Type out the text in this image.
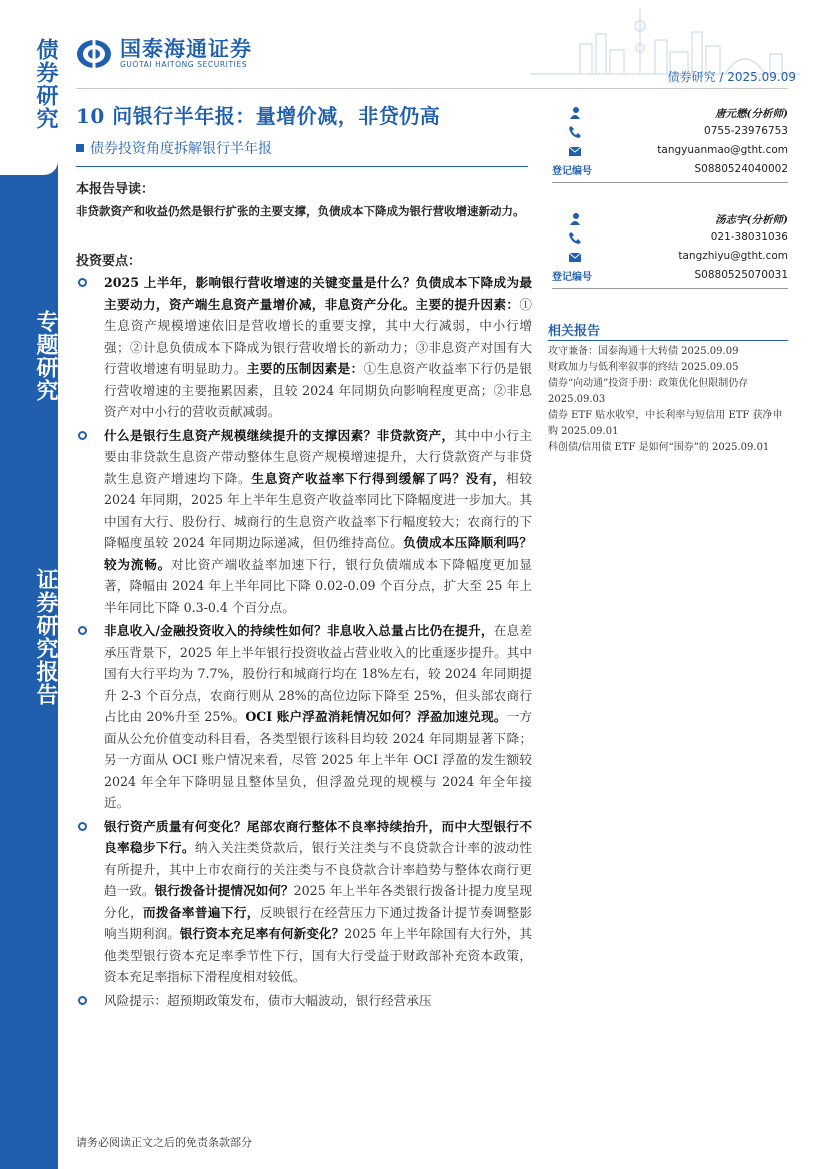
债券研究
专题研究
证券研究报告
国泰海通证券
GUOTAI HAITONG SECURITIES
债券研究 / 2025.09.09
10 问银行半年报：量增价减，非贷仍高
债券投资角度拆解银行半年报
本报告导读：
非贷款资产和收益仍然是银行扩张的主要支撑，负债成本下降成为银行营收增速新动力。
投资要点：
2025 上半年，影响银行营收增速的关键变量是什么？负债成本下降成为最主要动力，资产端生息资产量增价减，非息资产分化。主要的提升因素：①生息资产规模增速依旧是营收增长的重要支撑，其中大行减弱，中小行增强；②计息负债成本下降成为银行营收增长的新动力；③非息资产对国有大行营收增速有明显助力。主要的压制因素是：①生息资产收益率下行仍是银行营收增速的主要拖累因素，且较 2024 年同期负向影响程度更高；②非息资产对中小行的营收贡献减弱。
什么是银行生息资产规模继续提升的支撑因素？非贷款资产，其中中小行主要由非贷款生息资产带动整体生息资产规模增速提升，大行贷款资产与非贷款生息资产增速均下降。生息资产收益率下行得到缓解了吗？没有，相较 2024 年同期，2025 年上半年生息资产收益率同比下降幅度进一步加大。其中国有大行、股份行、城商行的生息资产收益率下行幅度较大；农商行的下降幅度虽较 2024 年同期边际递减，但仍维持高位。负债成本压降顺利吗？较为流畅。对比资产端收益率加速下行，银行负债端成本下降幅度更加显著，降幅由 2024 年上半年同比下降 0.02-0.09 个百分点，扩大至 25 年上半年同比下降 0.3-0.4 个百分点。
非息收入/金融投资收入的持续性如何？非息收入总量占比仍在提升，在息差承压背景下，2025 年上半年银行投资收益占营业收入的比重逐步提升。其中国有大行平均为 7.7%，股份行和城商行均在 18%左右，较 2024 年同期提升 2-3 个百分点，农商行则从 28%的高位边际下降至 25%，但头部农商行占比由 20%升至 25%。OCI 账户浮盈消耗情况如何？浮盈加速兑现。一方面从公允价值变动科目看，各类型银行该科目均较 2024 年同期显著下降；另一方面从 OCI 账户情况来看，尽管 2025 年上半年 OCI 浮盈的发生额较 2024 年全年下降明显且整体呈负，但浮盈兑现的规模与 2024 年全年接近。
银行资产质量有何变化？尾部农商行整体不良率持续抬升，而中大型银行不良率稳步下行。纳入关注类贷款后，银行关注类与不良贷款合计率的波动性有所提升，其中上市农商行的关注类与不良贷款合计率趋势与整体农商行更趋一致。银行拨备计提情况如何？2025 年上半年各类银行拨备计提力度呈现分化，而拨备率普遍下行，反映银行在经营压力下通过拨备计提节奏调整影响当期利润。银行资本充足率有何新变化？2025 年上半年除国有大行外，其他类型银行资本充足率季节性下行，国有大行受益于财政部补充资本政策，资本充足率指标下滑程度相对较低。
风险提示：超预期政策发布，债市大幅波动，银行经营承压
唐元懋(分析师)
0755-23976753
tangyuanmao@gtht.com
登记编号	S0880524040002
汤志宇(分析师)
021-38031036
tangzhiyu@gtht.com
登记编号	S0880525070031
相关报告
攻守兼备：国泰海通十大转债 2025.09.09
财政加力与低利率叙事的终结 2025.09.05
债券“向动通”投资手册：政策优化但限制仍存 2025.09.03
债券 ETF 贴水收窄，中长利率与短信用 ETF 获净申购 2025.09.01
科创债/信用债 ETF 是如何“围券”的 2025.09.01
请务必阅读正文之后的免责条款部分
